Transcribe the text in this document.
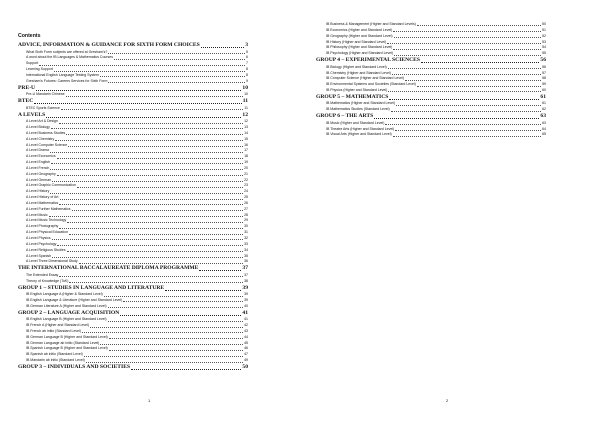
Contents
ADVICE, INFORMATION & GUIDANCE FOR SIXTH FORM CHOICES	3
What Sixth Form subjects are offered at Gresham's?	5
A word about the IB Languages & Mathematics Courses	6
Support	7
Learning Support	8
International English Language Testing System	8
Gresham's Futures: Careers Services for Sixth Form	9
PRE-U	10
Pre-U Mandarin Chinese	10
BTEC	11
BTEC Sports Science	11
A LEVELS	12
A Level Art & Design	12
A Level Biology	13
A Level Business Studies	14
A Level Chemistry	15
A Level Computer Science	16
A Level Drama	17
A Level Economics	18
A Level English	19
A Level French	20
A Level Geography	21
A Level German	22
A Level Graphic Communication	23
A Level History	24
A Level History of Art	25
A Level Mathematics	26
A Level Further Mathematics	27
A Level Music	28
A Level Music Technology	29
A Level Photography	30
A Level Physical Education	31
A Level Physics	32
A Level Psychology	33
A Level Religious Studies	34
A Level Spanish	35
A Level Three Dimensional Study	36
THE INTERNATIONAL BACCALAUREATE DIPLOMA PROGRAMME	37
The Extended Essay	37
Theory of Knowledge (ToK)	38
GROUP 1 – STUDIES IN LANGUAGE AND LITERATURE	39
IB English Language A (Higher & Standard Level)	39
IB English Language & Literature (Higher and Standard Level)	39
IB German Literature A (Higher and Standard Level)	40
GROUP 2 – LANGUAGE ACQUISITION	41
IB English Language B (Higher and Standard Level)	41
IB French A (Higher and Standard Level)	42
IB French ab initio (Standard Level)	43
IB German Language B (Higher and Standard Level)	44
IB German Language ab initio (Standard Level)	45
IB Spanish Language B (Higher and Standard Level)	46
IB Spanish ab initio (Standard Level)	47
IB Mandarin ab initio (Standard Level)	49
GROUP 3 – INDIVIDUALS AND SOCIETIES	50
1
IB Business & Management (Higher and Standard Levels)	50
IB Economics (Higher and Standard Level)	51
IB Geography (Higher and Standard Level)	52
IB History (Higher and Standard Level)	53
IB Philosophy (Higher and Standard Level)	54
IB Psychology (Higher and Standard Level)	55
GROUP 4 – EXPERIMENTAL SCIENCES	56
IB Biology (Higher and Standard Level)	56
IB Chemistry (Higher and Standard Level)	57
IB Computer Science (Higher and Standard Level)	58
IB Environmental Systems and Societies (Standard Level)	59
IB Physics (Higher and Standard Level)	60
GROUP 5 – MATHEMATICS	61
IB Mathematics (Higher and Standard Level)	61
IB Mathematics Studies (Standard Level)	62
GROUP 6 – THE ARTS	63
IB Music (Higher and Standard Level)	63
IB Theatre Arts (Higher and Standard Level)	64
IB Visual Arts (Higher and Standard Level)	65
2
